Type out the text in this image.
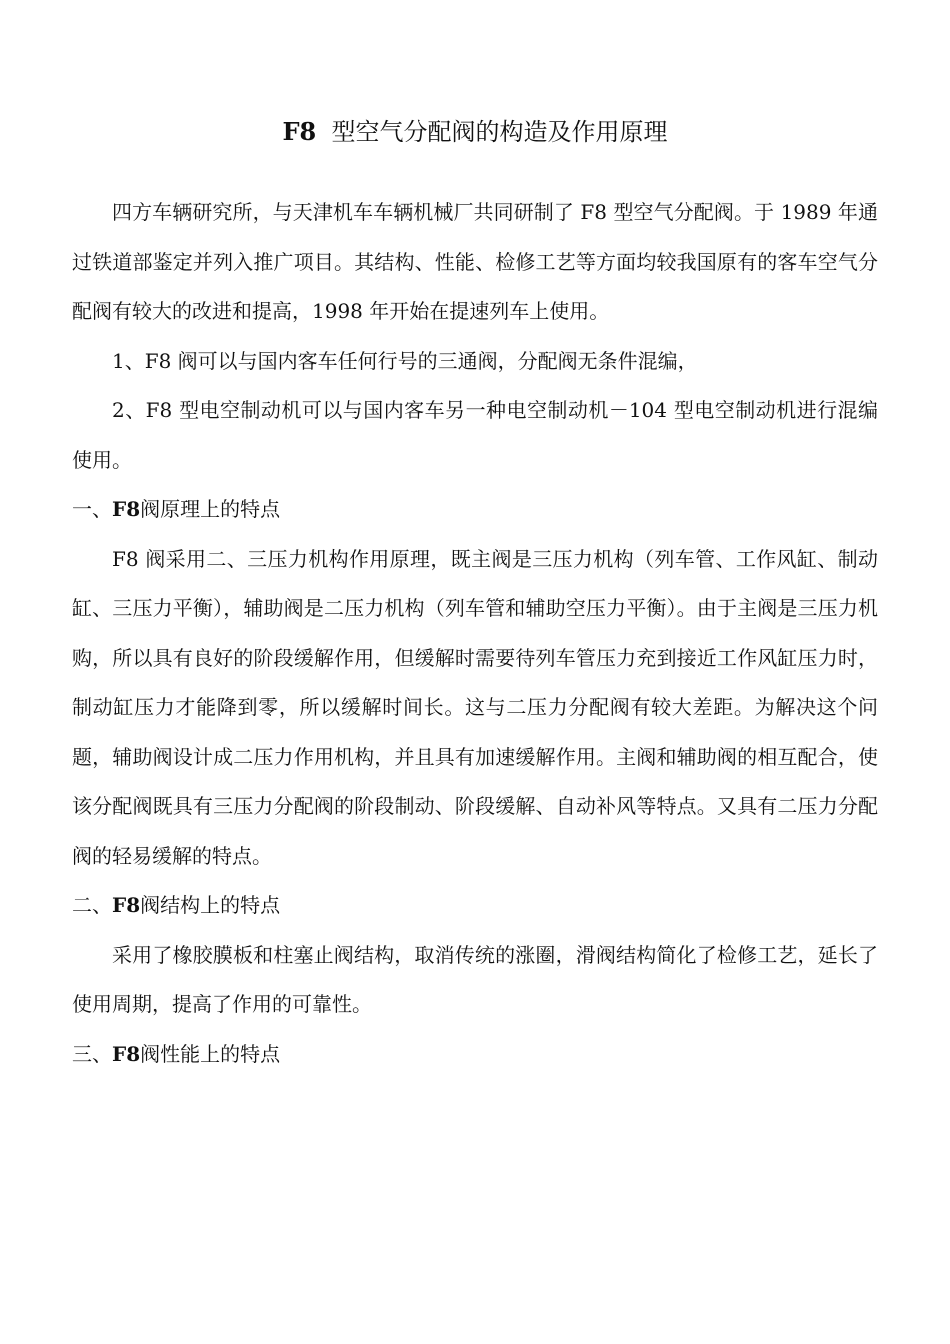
F8 型空气分配阀的构造及作用原理

四方车辆研究所，与天津机车车辆机械厂共同研制了 F8 型空气分配阀。于 1989 年通过铁道部鉴定并列入推广项目。其结构、性能、检修工艺等方面均较我国原有的客车空气分配阀有较大的改进和提高，1998 年开始在提速列车上使用。

1、F8 阀可以与国内客车任何行号的三通阀，分配阀无条件混编，

2、F8 型电空制动机可以与国内客车另一种电空制动机－104 型电空制动机进行混编使用。

一、F8阀原理上的特点

F8 阀采用二、三压力机构作用原理，既主阀是三压力机构（列车管、工作风缸、制动缸、三压力平衡），辅助阀是二压力机构（列车管和辅助空压力平衡）。由于主阀是三压力机购，所以具有良好的阶段缓解作用，但缓解时需要待列车管压力充到接近工作风缸压力时，制动缸压力才能降到零，所以缓解时间长。这与二压力分配阀有较大差距。为解决这个问题，辅助阀设计成二压力作用机构，并且具有加速缓解作用。主阀和辅助阀的相互配合，使该分配阀既具有三压力分配阀的阶段制动、阶段缓解、自动补风等特点。又具有二压力分配阀的轻易缓解的特点。

二、F8阀结构上的特点

采用了橡胶膜板和柱塞止阀结构，取消传统的涨圈，滑阀结构简化了检修工艺，延长了使用周期，提高了作用的可靠性。

三、F8阀性能上的特点
